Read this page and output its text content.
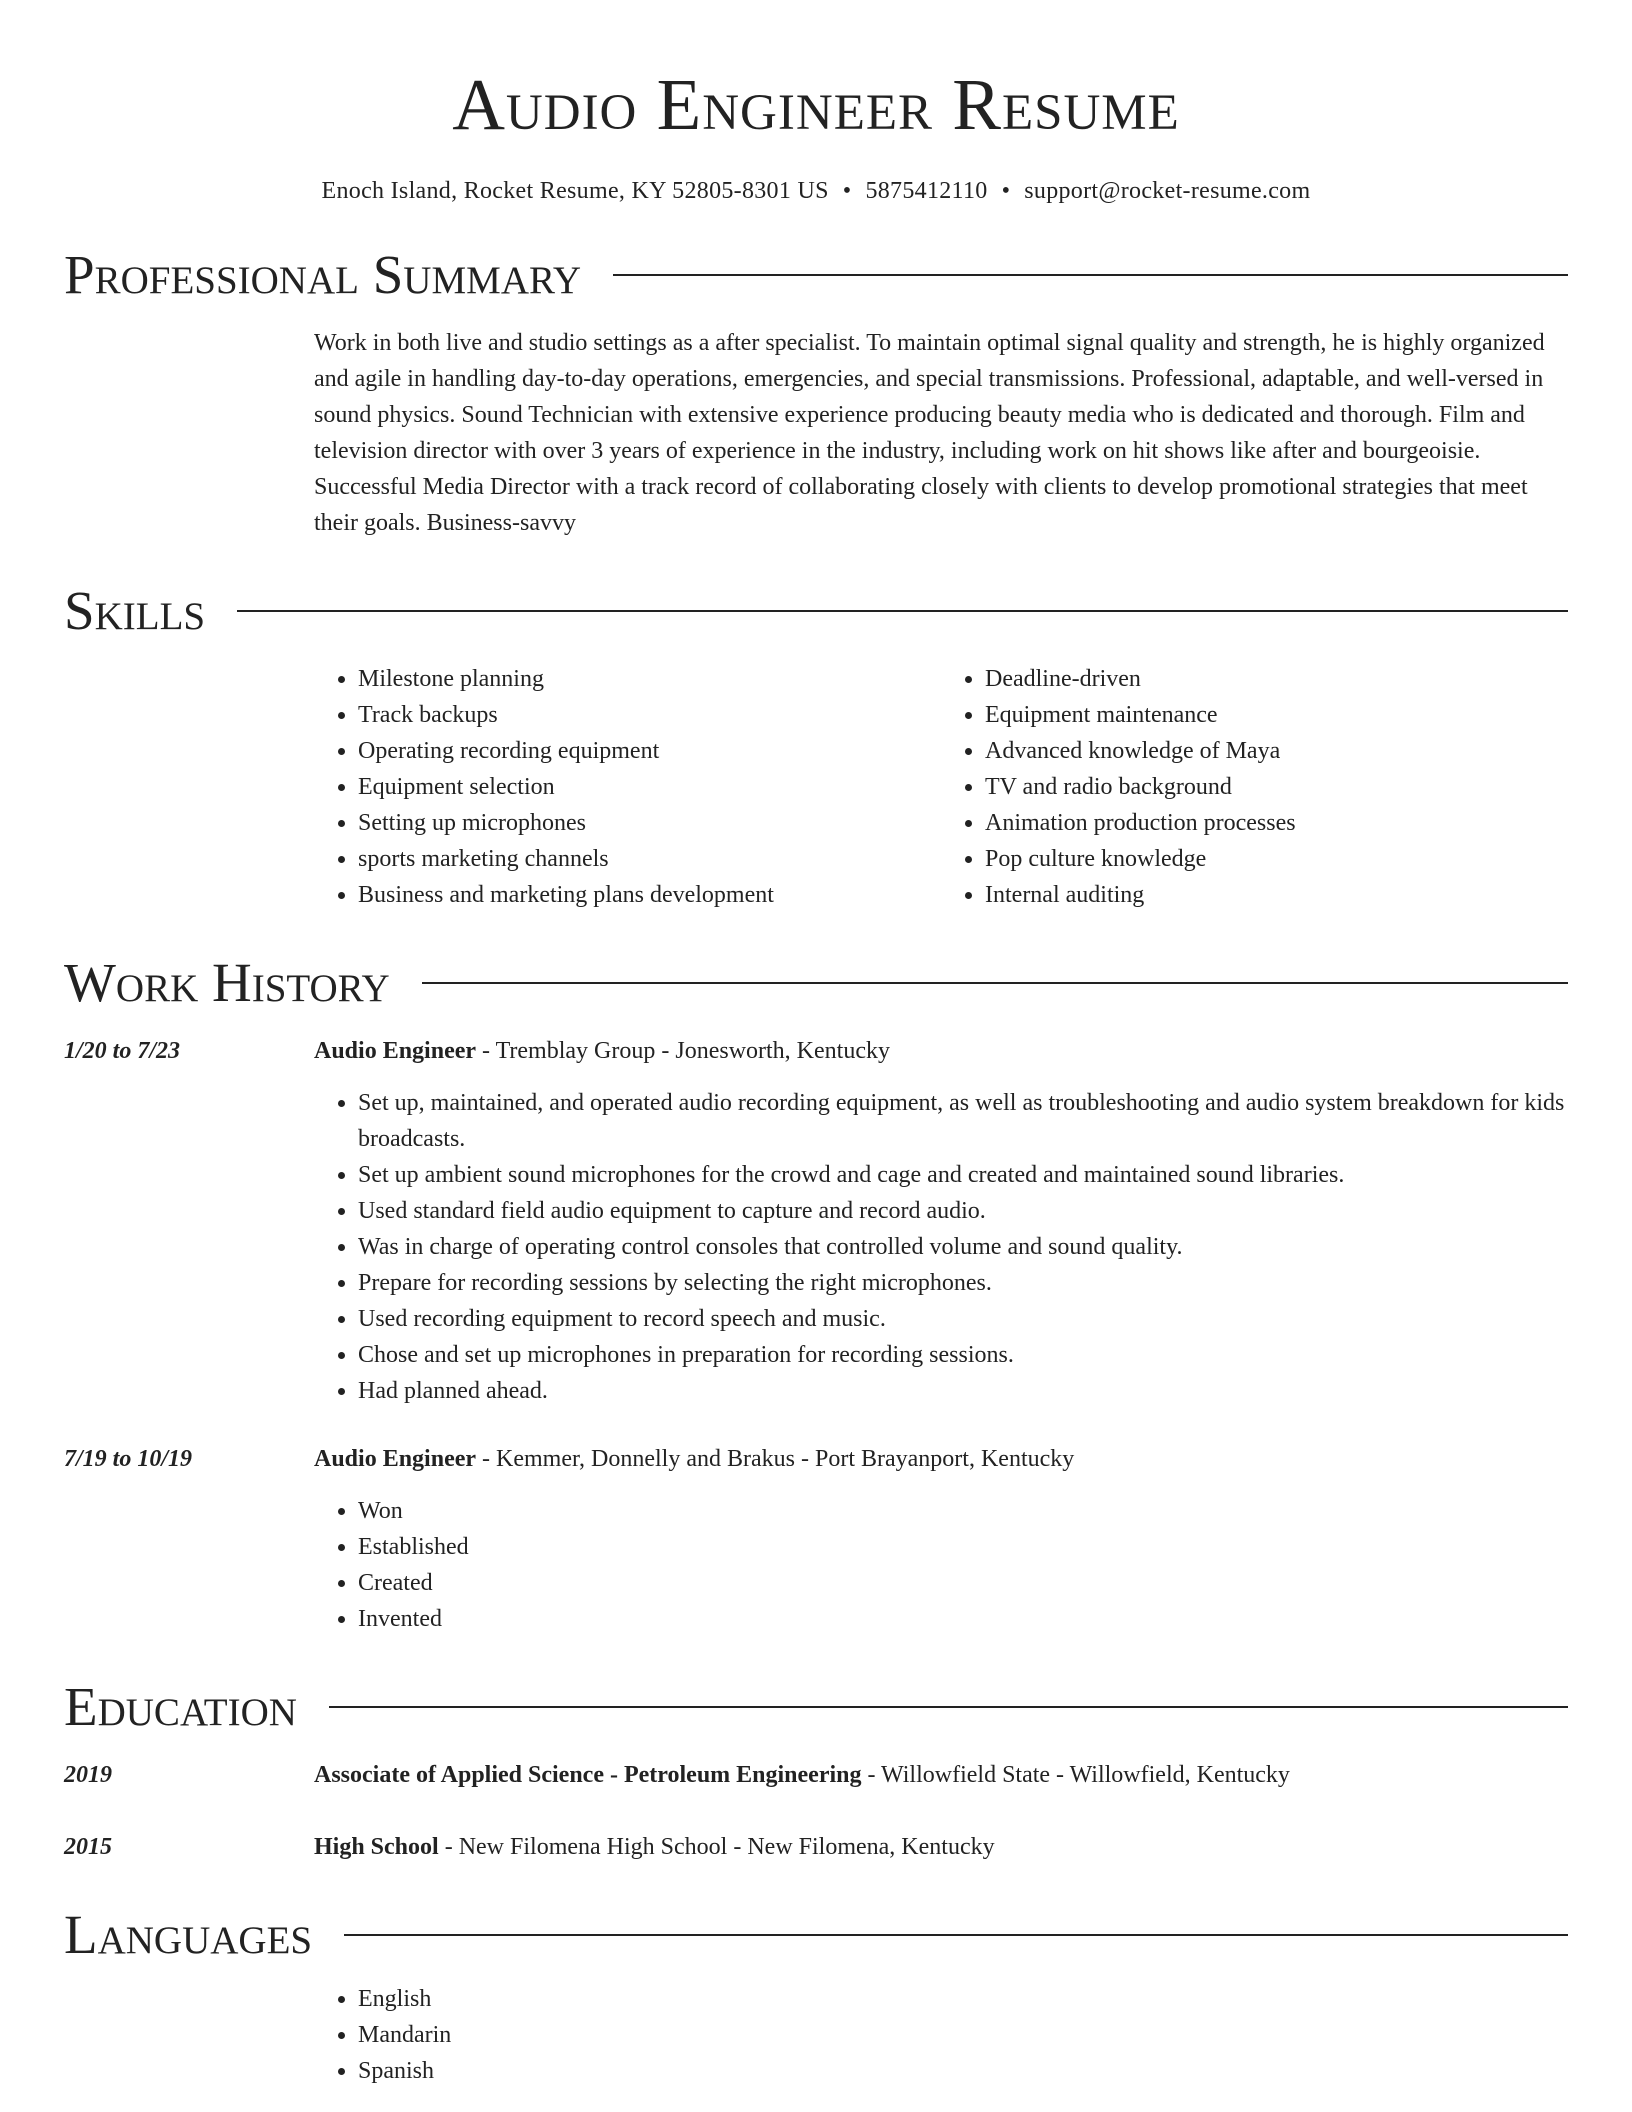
Audio Engineer Resume
Enoch Island, Rocket Resume, KY 52805-8301 US • 5875412110 • support@rocket-resume.com
Professional Summary
Work in both live and studio settings as a after specialist. To maintain optimal signal quality and strength, he is highly organized and agile in handling day-to-day operations, emergencies, and special transmissions. Professional, adaptable, and well-versed in sound physics. Sound Technician with extensive experience producing beauty media who is dedicated and thorough. Film and television director with over 3 years of experience in the industry, including work on hit shows like after and bourgeoisie. Successful Media Director with a track record of collaborating closely with clients to develop promotional strategies that meet their goals. Business-savvy
Skills
• Milestone planning
• Track backups
• Operating recording equipment
• Equipment selection
• Setting up microphones
• sports marketing channels
• Business and marketing plans development
• Deadline-driven
• Equipment maintenance
• Advanced knowledge of Maya
• TV and radio background
• Animation production processes
• Pop culture knowledge
• Internal auditing
Work History
1/20 to 7/23	Audio Engineer - Tremblay Group - Jonesworth, Kentucky
• Set up, maintained, and operated audio recording equipment, as well as troubleshooting and audio system breakdown for kids broadcasts.
• Set up ambient sound microphones for the crowd and cage and created and maintained sound libraries.
• Used standard field audio equipment to capture and record audio.
• Was in charge of operating control consoles that controlled volume and sound quality.
• Prepare for recording sessions by selecting the right microphones.
• Used recording equipment to record speech and music.
• Chose and set up microphones in preparation for recording sessions.
• Had planned ahead.
7/19 to 10/19	Audio Engineer - Kemmer, Donnelly and Brakus - Port Brayanport, Kentucky
• Won
• Established
• Created
• Invented
Education
2019	Associate of Applied Science - Petroleum Engineering - Willowfield State - Willowfield, Kentucky
2015	High School - New Filomena High School - New Filomena, Kentucky
Languages
• English
• Mandarin
• Spanish
